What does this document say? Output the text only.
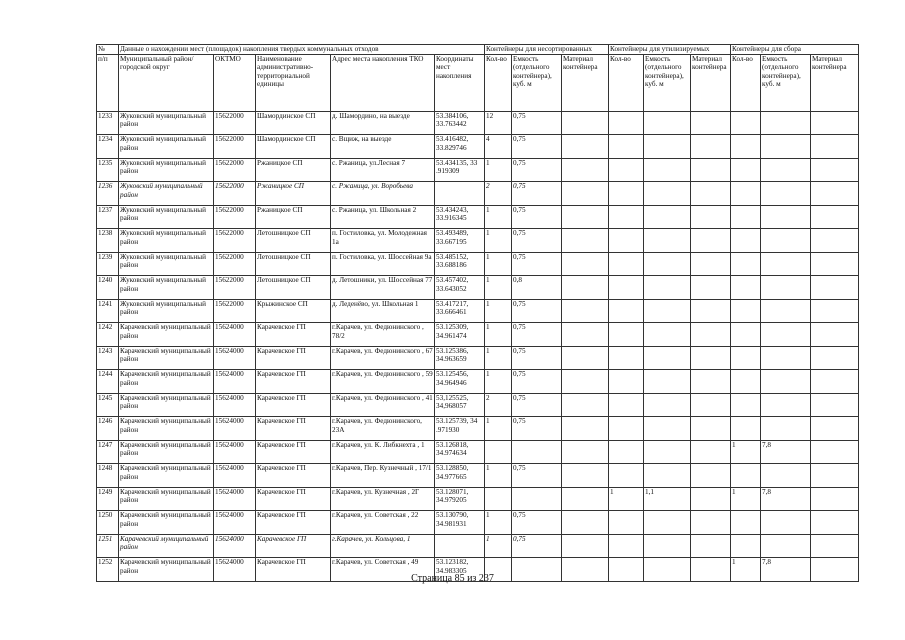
№	Данные о нахождении мест (площадок) накопления твердых коммунальных отходов					Контейнеры для несортированных			Контейнеры для утилизируемых			Контейнеры для сбора		
п/п	Муниципальный район/городской округ	ОКТМО	Наименование административно-территориальной единицы	Адрес места накопления ТКО	Координаты мест накопления	Кол-во	Емкость (отдельного контейнера), куб. м	Материал контейнера	Кол-во	Емкость (отдельного контейнера), куб. м	Материал контейнера	Кол-во	Емкость (отдельного контейнера), куб. м	Материал контейнера
1233	Жуковский муниципальный район	15622000	Шамординское СП	д. Шамордино, на выезде	53.384106, 33.763442	12	0,75							
1234	Жуковский муниципальный район	15622000	Шамординское СП	с. Вщиж, на выезде	53.416482, 33.829746	4	0,75							
1235	Жуковский муниципальный район	15622000	Ржаницкое СП	с. Ржаница, ул.Лесная 7	53.434135, 33 .919309	1	0,75							
1236	Жуковский муниципальный район	15622000	Ржаницкое СП	с. Ржаница, ул. Воробьева		2	0,75							
1237	Жуковский муниципальный район	15622000	Ржаницкое СП	с. Ржаница, ул. Школьная 2	53.434243, 33.916345	1	0,75							
1238	Жуковский муниципальный район	15622000	Летошницкое СП	п. Гостиловка, ул. Молодежная 1а	53.493489, 33.667195	1	0,75							
1239	Жуковский муниципальный район	15622000	Летошницкое СП	п. Гостиловка, ул. Шоссейная 9а	53.485152, 33.688186	1	0,75							
1240	Жуковский муниципальный район	15622000	Летошницкое СП	д. Летошники, ул. Шоссейная 77	53.457402, 33.643052	1	0,8							
1241	Жуковский муниципальный район	15622000	Крыжинское СП	д. Леденёво, ул. Школьная 1	53.417217, 33.666461	1	0,75							
1242	Карачевский муниципальный район	15624000	Карачевское ГП	г.Карачев, ул. Федюнинского , 78/2	53.125309, 34.961474	1	0,75							
1243	Карачевский муниципальный район	15624000	Карачевское ГП	г.Карачев, ул. Федюнинского , 67	53.125386, 34.963659	1	0,75							
1244	Карачевский муниципальный район	15624000	Карачевское ГП	г.Карачев, ул. Федюнинского , 59	53.125456, 34.964946	1	0,75							
1245	Карачевский муниципальный район	15624000	Карачевское ГП	г.Карачев, ул. Федюнинского , 41	53,125525, 34,968057	2	0,75							
1246	Карачевский муниципальный район	15624000	Карачевское ГП	г.Карачев, ул. Федюнинского, 23А	53.125739, 34 .971930	1	0,75							
1247	Карачевский муниципальный район	15624000	Карачевское ГП	г.Карачев, ул. К. Либкнехта , 1	53.126818, 34.974634							1	7,8	
1248	Карачевский муниципальный район	15624000	Карачевское ГП	г.Карачев, Пер. Кузнечный , 17/1	53.128850, 34.977665	1	0,75							
1249	Карачевский муниципальный район	15624000	Карачевское ГП	г.Карачев, ул. Кузнечная , 2Г	53.128071, 34.979205				1	1,1		1	7,8	
1250	Карачевский муниципальный район	15624000	Карачевское ГП	г.Карачев, ул. Советская , 22	53.130790, 34.981931	1	0,75							
1251	Карачевский муниципальный район	15624000	Карачевское ГП	г.Карачев, ул. Кольцова, 1		1	0,75							
1252	Карачевский муниципальный район	15624000	Карачевское ГП	г.Карачев, ул. Советская , 49	53.123182, 34.983305							1	7,8	
Страница 85 из 237
